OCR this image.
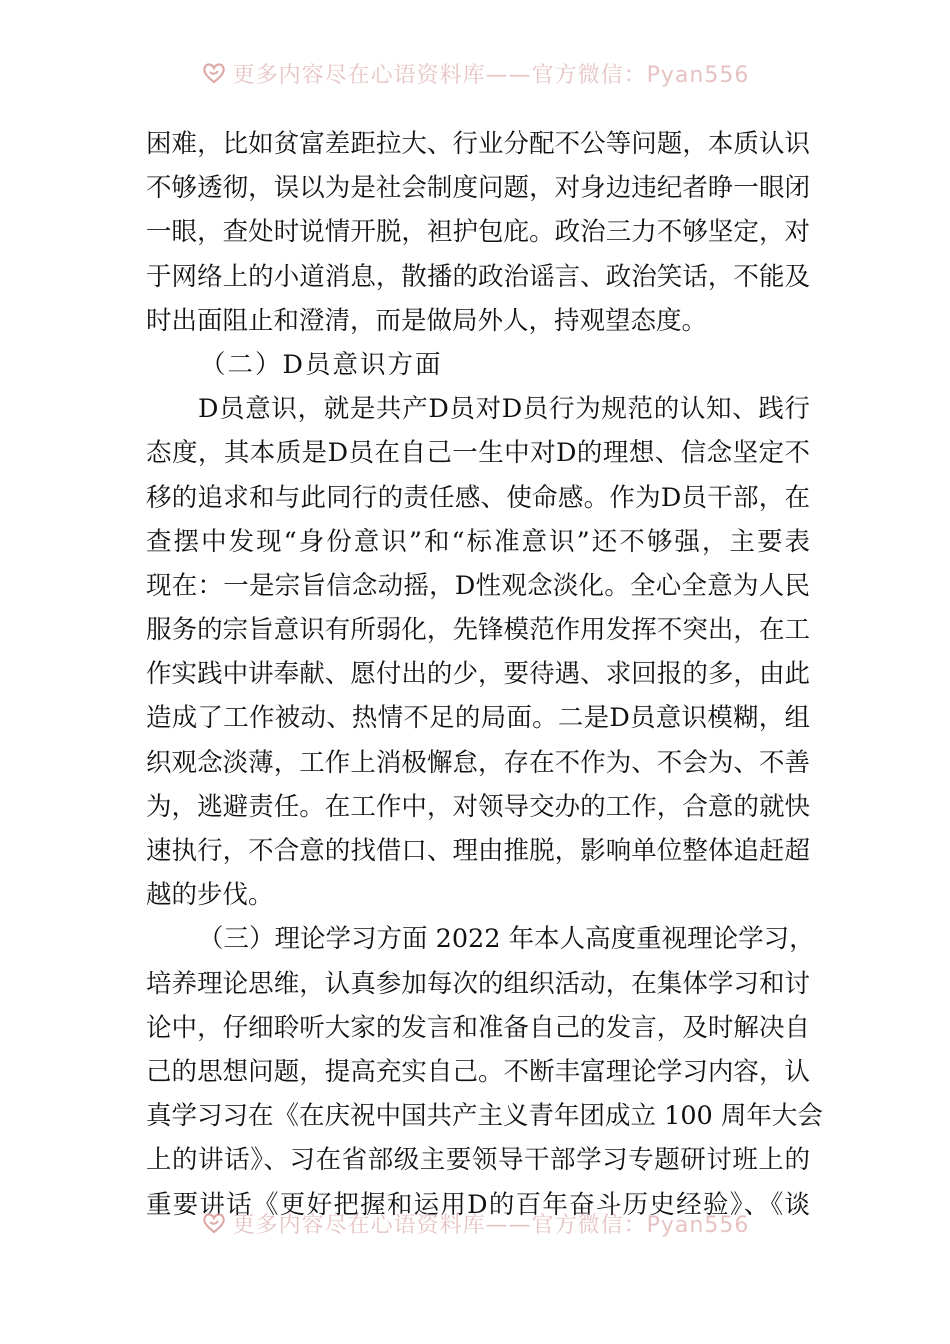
更多内容尽在心语资料库——官方微信：Pyan556
困难，比如贫富差距拉大、行业分配不公等问题，本质认识
不够透彻，误以为是社会制度问题，对身边违纪者睁一眼闭
一眼，查处时说情开脱，袒护包庇。政治三力不够坚定，对
于网络上的小道消息，散播的政治谣言、政治笑话，不能及
时出面阻止和澄清，而是做局外人，持观望态度。
（二）D员意识方面
D员意识，就是共产D员对D员行为规范的认知、践行
态度，其本质是D员在自己一生中对D的理想、信念坚定不
移的追求和与此同行的责任感、使命感。作为D员干部，在
查摆中发现“身份意识”和“标准意识”还不够强，主要表
现在：一是宗旨信念动摇，D性观念淡化。全心全意为人民
服务的宗旨意识有所弱化，先锋模范作用发挥不突出，在工
作实践中讲奉献、愿付出的少，要待遇、求回报的多，由此
造成了工作被动、热情不足的局面。二是D员意识模糊，组
织观念淡薄，工作上消极懈怠，存在不作为、不会为、不善
为，逃避责任。在工作中，对领导交办的工作，合意的就快
速执行，不合意的找借口、理由推脱，影响单位整体追赶超
越的步伐。
（三）理论学习方面 2022 年本人高度重视理论学习，
培养理论思维，认真参加每次的组织活动，在集体学习和讨
论中，仔细聆听大家的发言和准备自己的发言，及时解决自
己的思想问题，提高充实自己。不断丰富理论学习内容，认
真学习习在《在庆祝中国共产主义青年团成立 100 周年大会
上的讲话》、习在省部级主要领导干部学习专题研讨班上的
重要讲话《更好把握和运用D的百年奋斗历史经验》、《谈
更多内容尽在心语资料库——官方微信：Pyan556
